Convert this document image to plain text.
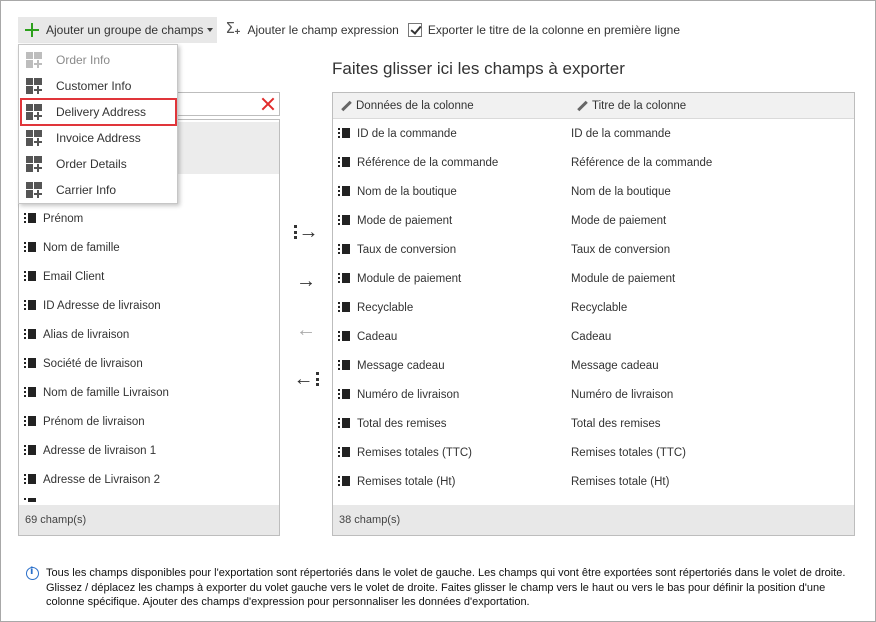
Ajouter un groupe de champs Σ + Ajouter le champ expression Exporter le titre de la colonne en première ligne
Faites glisser ici les champs à exporter
Prénom
Nom de famille
Email Client
ID Adresse de livraison
Alias de livraison
Société de livraison
Nom de famille Livraison
Prénom de livraison
Adresse de livraison 1
Adresse de Livraison 2
69 champ(s)
→
→
←
←
Données de la colonne	Titre de la colonne
ID de la commande	ID de la commande
Référence de la commande	Référence de la commande
Nom de la boutique	Nom de la boutique
Mode de paiement	Mode de paiement
Taux de conversion	Taux de conversion
Module de paiement	Module de paiement
Recyclable	Recyclable
Cadeau	Cadeau
Message cadeau	Message cadeau
Numéro de livraison	Numéro de livraison
Total des remises	Total des remises
Remises totales (TTC)	Remises totales (TTC)
Remises totale (Ht)	Remises totale (Ht)
38 champ(s)
Order Info
Customer Info
Delivery Address
Invoice Address
Order Details
Carrier Info
i
Tous les champs disponibles pour l'exportation sont répertoriés dans le volet de gauche. Les champs qui vont être exportées sont répertoriés dans le volet de droite. Glissez / déplacez les champs à exporter du volet gauche vers le volet de droite. Faites glisser le champ vers le haut ou vers le bas pour définir la position d'une colonne spécifique. Ajouter des champs d'expression pour personnaliser les données d'exportation.
